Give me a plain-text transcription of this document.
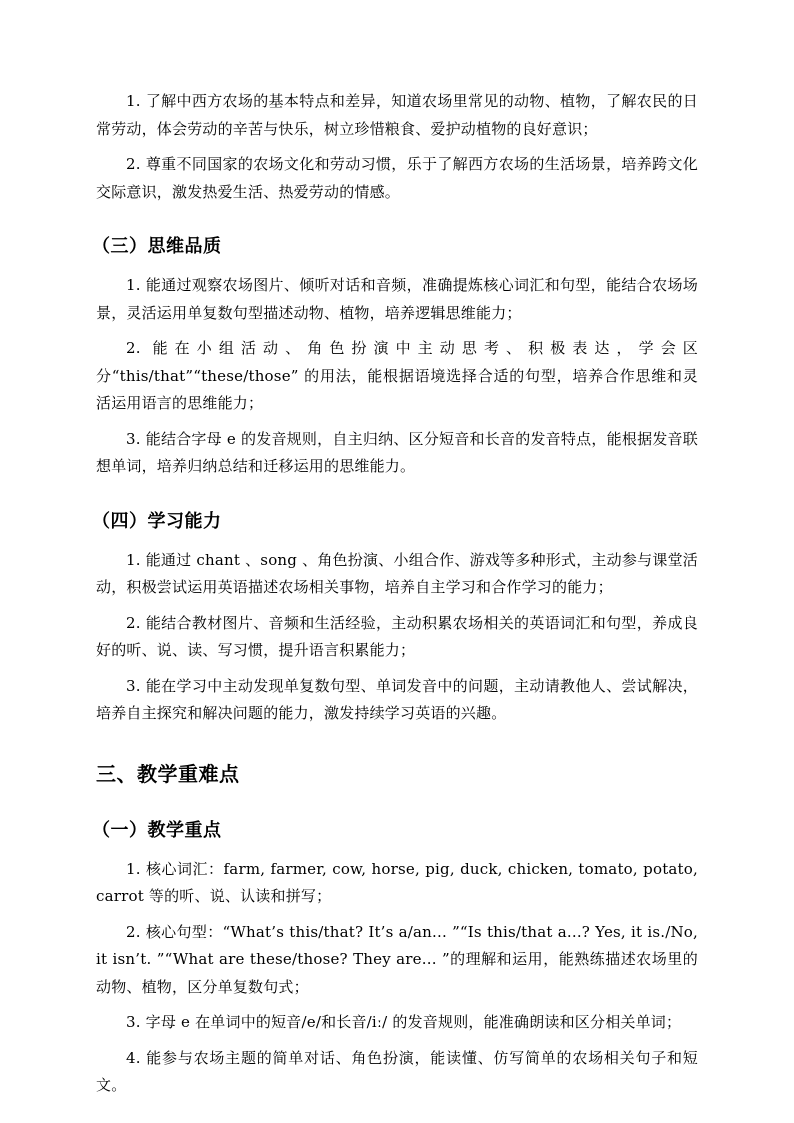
1. 了解中西方农场的基本特点和差异，知道农场里常见的动物、植物，了解农民的日常劳动，体会劳动的辛苦与快乐，树立珍惜粮食、爱护动植物的良好意识；

2. 尊重不同国家的农场文化和劳动习惯，乐于了解西方农场的生活场景，培养跨文化交际意识，激发热爱生活、热爱劳动的情感。

（三）思维品质

1. 能通过观察农场图片、倾听对话和音频，准确提炼核心词汇和句型，能结合农场场景，灵活运用单复数句型描述动物、植物，培养逻辑思维能力；

2. 能在小组活动、角色扮演中主动思考、积极表达，学会区分“this/that”“these/those” 的用法，能根据语境选择合适的句型，培养合作思维和灵活运用语言的思维能力；

3. 能结合字母 e 的发音规则，自主归纳、区分短音和长音的发音特点，能根据发音联想单词，培养归纳总结和迁移运用的思维能力。

（四）学习能力

1. 能通过 chant 、song 、角色扮演、小组合作、游戏等多种形式，主动参与课堂活动，积极尝试运用英语描述农场相关事物，培养自主学习和合作学习的能力；

2. 能结合教材图片、音频和生活经验，主动积累农场相关的英语词汇和句型，养成良好的听、说、读、写习惯，提升语言积累能力；

3. 能在学习中主动发现单复数句型、单词发音中的问题，主动请教他人、尝试解决，培养自主探究和解决问题的能力，激发持续学习英语的兴趣。

三、教学重难点
（一）教学重点

1. 核心词汇：farm, farmer, cow, horse, pig, duck, chicken, tomato, potato, carrot 等的听、说、认读和拼写；

2. 核心句型：“What’s this/that? It’s a/an... ”“Is this/that a...? Yes, it is./No, it isn’t. ”“What are these/those? They are... ”的理解和运用，能熟练描述农场里的动物、植物，区分单复数句式；

3. 字母 e 在单词中的短音/e/和长音/iː/ 的发音规则，能准确朗读和区分相关单词；

4. 能参与农场主题的简单对话、角色扮演，能读懂、仿写简单的农场相关句子和短文。
